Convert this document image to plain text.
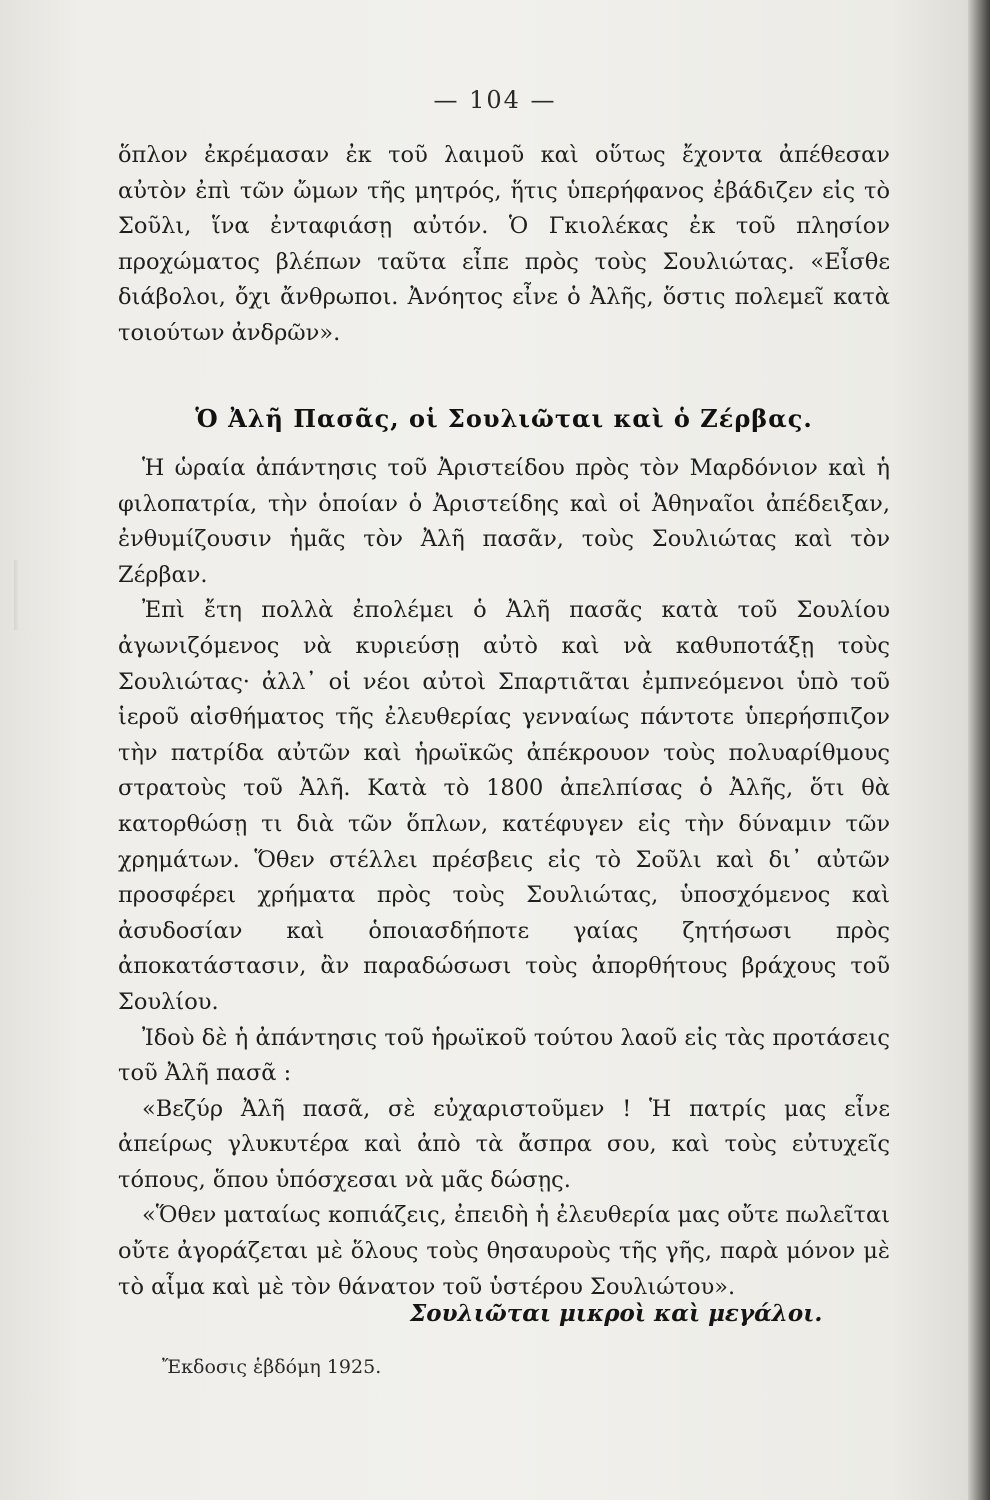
— 104 —

ὅπλον ἐκρέμασαν ἐκ τοῦ λαιμοῦ καὶ οὕτως ἔχοντα ἀπέθεσαν αὐτὸν ἐπὶ τῶν ὤμων τῆς μητρός, ἥτις ὑπερήφανος ἐβάδιζεν εἰς τὸ Σοῦλι, ἵνα ἐνταφιάσῃ αὐτόν. Ὁ Γκιολέκας ἐκ τοῦ πλησίον προχώματος βλέπων ταῦτα εἶπε πρὸς τοὺς Σουλιώτας. «Εἶσθε διάβολοι, ὄχι ἄνθρωποι. Ἀνόητος εἶνε ὁ Ἀλῆς, ὅστις πολεμεῖ κατὰ τοιούτων ἀνδρῶν».

Ὁ Ἀλῆ Πασᾶς, οἱ Σουλιῶται καὶ ὁ Ζέρβας.

Ἡ ὡραία ἀπάντησις τοῦ Ἀριστείδου πρὸς τὸν Μαρδόνιον καὶ ἡ φιλοπατρία, τὴν ὁποίαν ὁ Ἀριστείδης καὶ οἱ Ἀθηναῖοι ἀπέδειξαν, ἐνθυμίζουσιν ἡμᾶς τὸν Ἀλῆ πασᾶν, τοὺς Σουλιώτας καὶ τὸν Ζέρβαν.

Ἐπὶ ἔτη πολλὰ ἐπολέμει ὁ Ἀλῆ πασᾶς κατὰ τοῦ Σουλίου ἀγωνιζόμενος νὰ κυριεύσῃ αὐτὸ καὶ νὰ καθυποτάξῃ τοὺς Σουλιώτας· ἀλλ᾽ οἱ νέοι αὐτοὶ Σπαρτιᾶται ἐμπνεόμενοι ὑπὸ τοῦ ἱεροῦ αἰσθήματος τῆς ἐλευθερίας γενναίως πάντοτε ὑπερήσπιζον τὴν πατρίδα αὐτῶν καὶ ἡρωϊκῶς ἀπέκρουον τοὺς πολυαρίθμους στρατοὺς τοῦ Ἀλῆ. Κατὰ τὸ 1800 ἀπελπίσας ὁ Ἀλῆς, ὅτι θὰ κατορθώσῃ τι διὰ τῶν ὅπλων, κατέφυγεν εἰς τὴν δύναμιν τῶν χρημάτων. Ὅθεν στέλλει πρέσβεις εἰς τὸ Σοῦλι καὶ δι᾽ αὐτῶν προσφέρει χρήματα πρὸς τοὺς Σουλιώτας, ὑποσχόμενος καὶ ἀσυδοσίαν καὶ ὁποιασδήποτε γαίας ζητήσωσι πρὸς ἀποκατάστασιν, ἂν παραδώσωσι τοὺς ἀπορθήτους βράχους τοῦ Σουλίου.

Ἰδοὺ δὲ ἡ ἀπάντησις τοῦ ἡρωϊκοῦ τούτου λαοῦ εἰς τὰς προτάσεις τοῦ Ἀλῆ πασᾶ :

«Βεζύρ Ἀλῆ πασᾶ, σὲ εὐχαριστοῦμεν ! Ἡ πατρίς μας εἶνε ἀπείρως γλυκυτέρα καὶ ἀπὸ τὰ ἄσπρα σου, καὶ τοὺς εὐτυχεῖς τόπους, ὅπου ὑπόσχεσαι νὰ μᾶς δώσῃς.

«Ὅθεν ματαίως κοπιάζεις, ἐπειδὴ ἡ ἐλευθερία μας οὔτε πωλεῖται οὔτε ἀγοράζεται μὲ ὅλους τοὺς θησαυροὺς τῆς γῆς, παρὰ μόνον μὲ τὸ αἷμα καὶ μὲ τὸν θάνατον τοῦ ὑστέρου Σουλιώτου».

Σουλιῶται μικροὶ καὶ μεγάλοι.
Ἔκδοσις ἑβδόμη 1925.
